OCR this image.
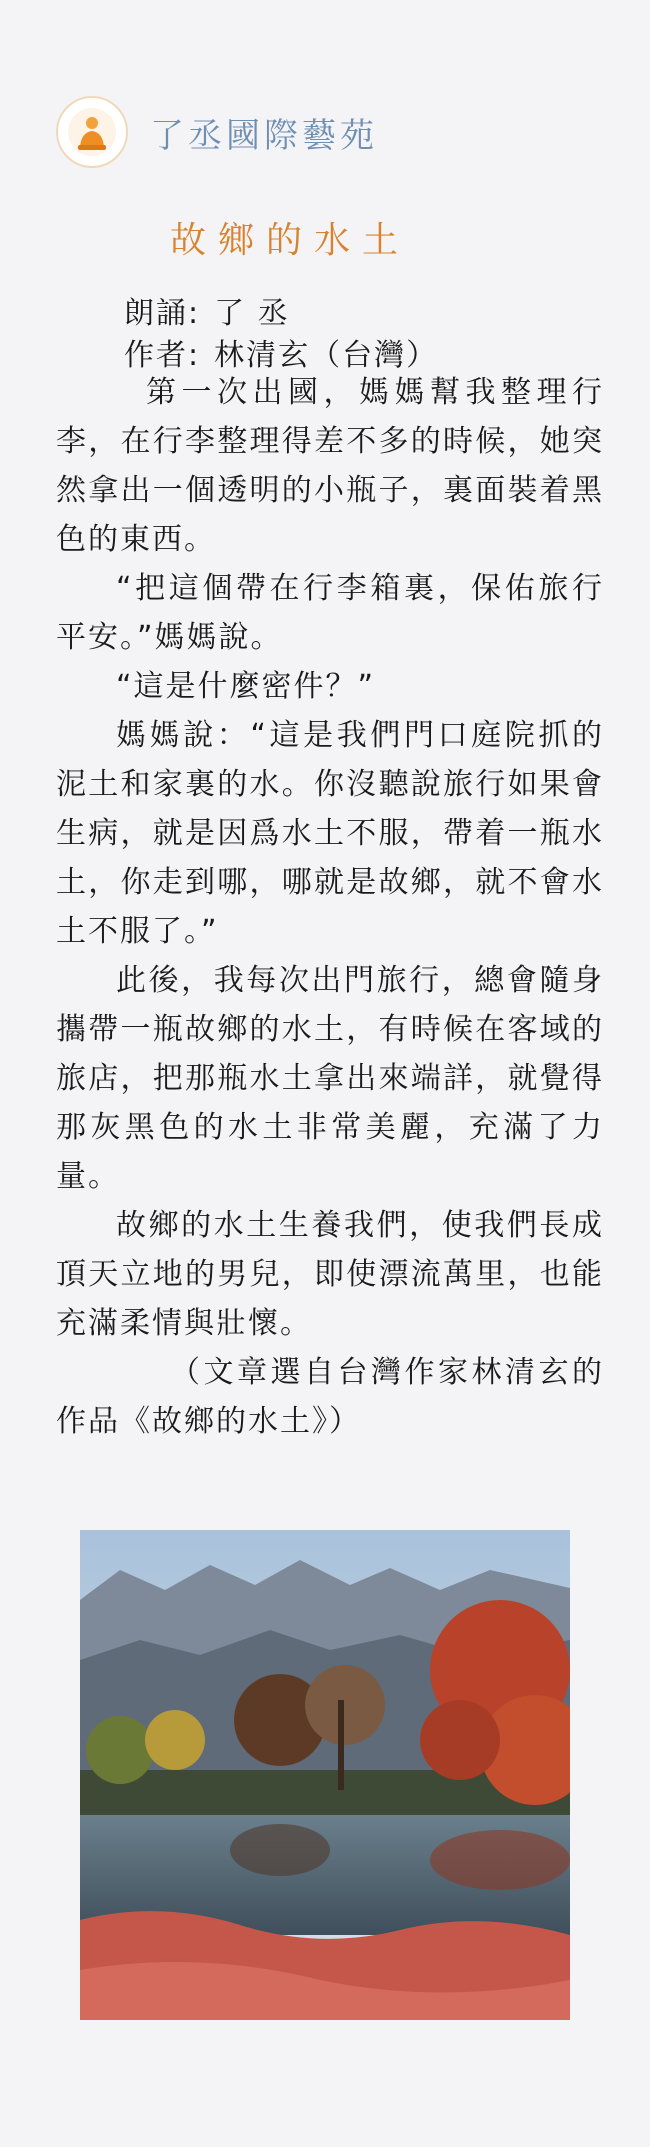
了丞國際藝苑
故鄉的水土
朗誦: 了 丞
作者: 林清玄（台灣）

第一次出國，媽媽幫我整理行李，在行李整理得差不多的時候，她突然拿出一個透明的小瓶子，裏面裝着黑色的東西。

“把這個帶在行李箱裏，保佑旅行平安。”媽媽說。

“這是什麼密件？”

媽媽說：“這是我們門口庭院抓的泥土和家裏的水。你沒聽說旅行如果會生病，就是因爲水土不服，帶着一瓶水土，你走到哪，哪就是故鄉，就不會水土不服了。”

此後，我每次出門旅行，總會隨身攜帶一瓶故鄉的水土，有時候在客域的旅店，把那瓶水土拿出來端詳，就覺得那灰黑色的水土非常美麗，充滿了力量。

故鄉的水土生養我們，使我們長成頂天立地的男兒，即使漂流萬里，也能充滿柔情與壯懷。

（文章選自台灣作家林清玄的作品《故鄉的水土》）
